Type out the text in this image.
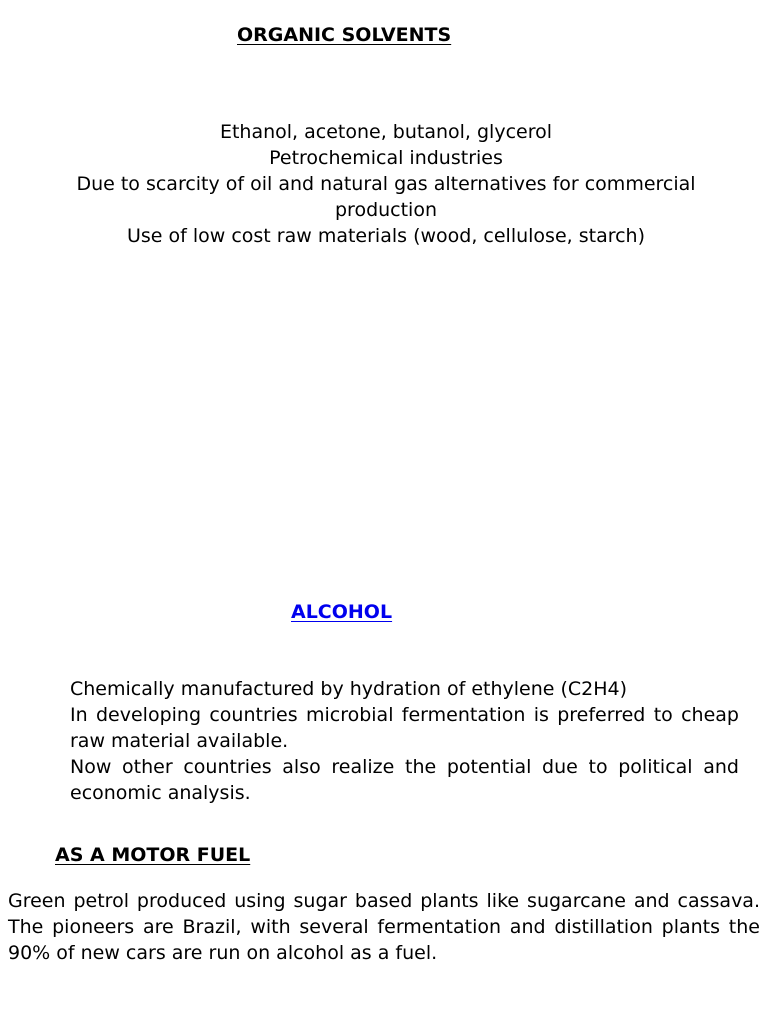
ORGANIC SOLVENTS

Ethanol, acetone, butanol, glycerol

Petrochemical industries

Due to scarcity of oil and natural gas alternatives for commercial production

Use of low cost raw materials (wood, cellulose, starch)

ALCOHOL

Chemically manufactured by hydration of ethylene (C2H4)

In developing countries microbial fermentation is preferred to cheap raw material available.

Now other countries also realize the potential due to political and economic analysis.

AS A MOTOR FUEL

Green petrol produced using sugar based plants like sugarcane and cassava. The pioneers are Brazil, with several fermentation and distillation plants the 90% of new cars are run on alcohol as a fuel.
